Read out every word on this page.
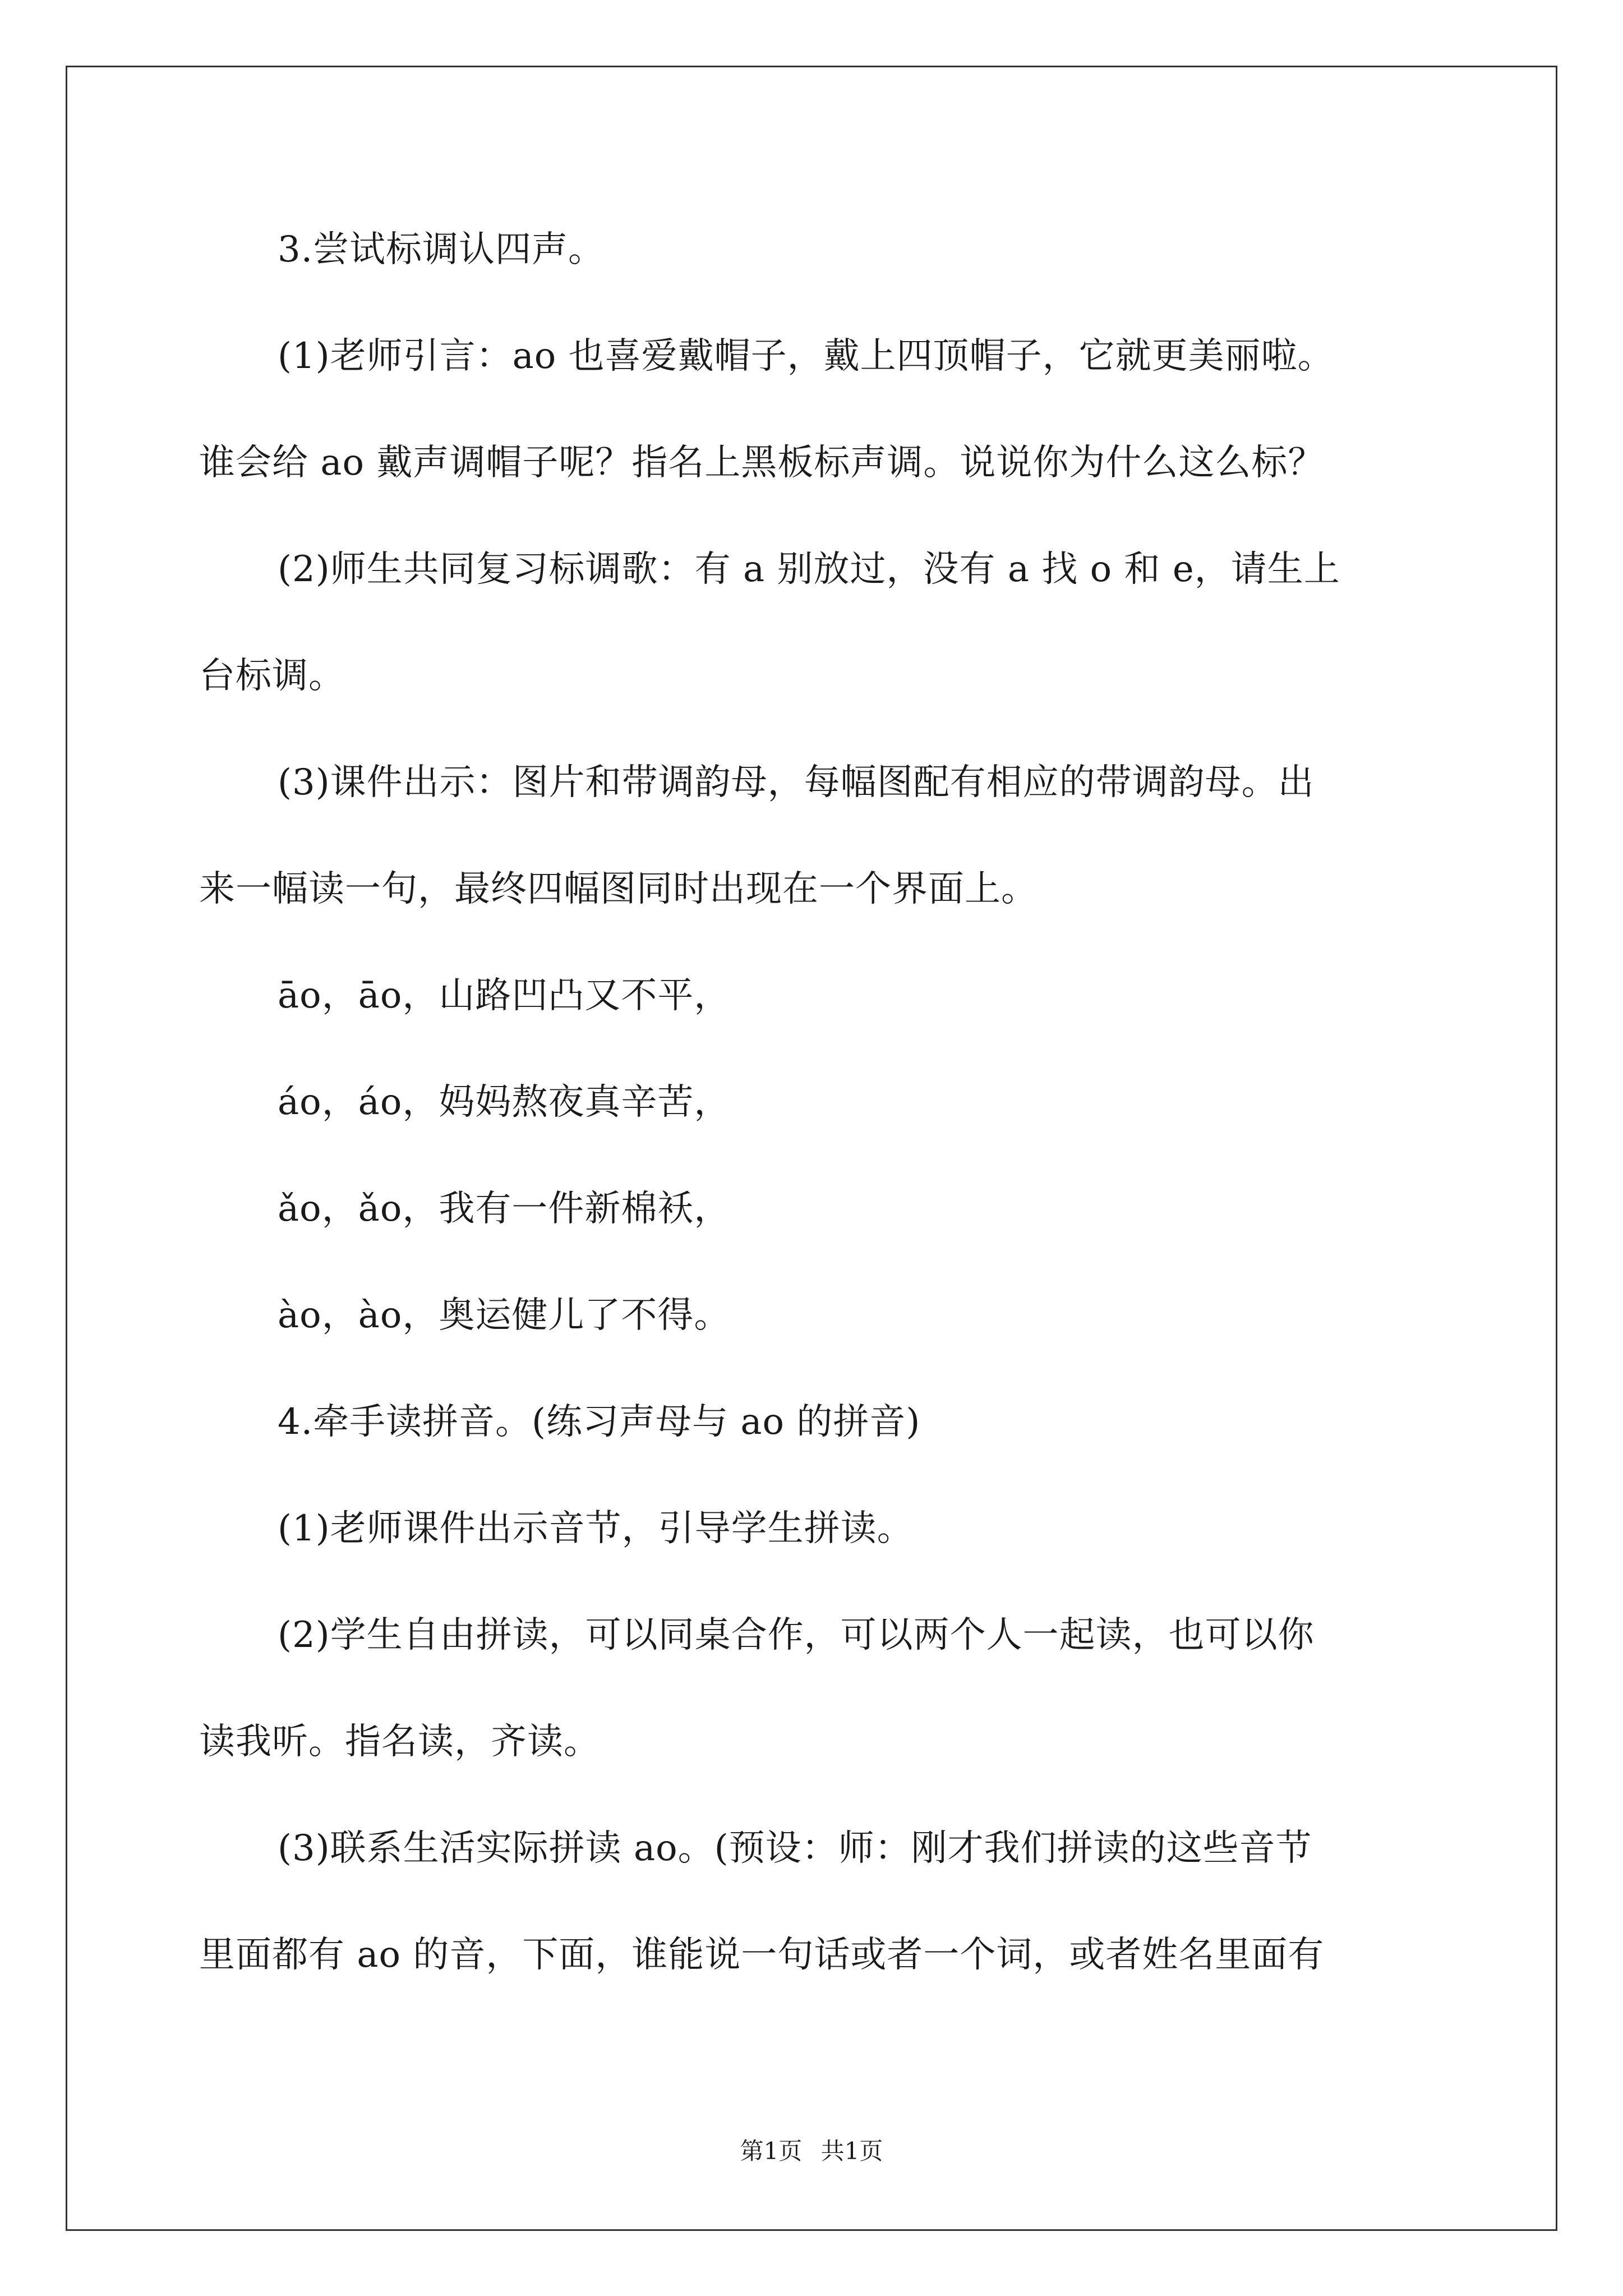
3.尝试标调认四声。
(1)老师引言：ao 也喜爱戴帽子，戴上四顶帽子，它就更美丽啦。
谁会给 ao 戴声调帽子呢？指名上黑板标声调。说说你为什么这么标？
(2)师生共同复习标调歌：有 a 别放过，没有 a 找 o 和 e，请生上
台标调。
(3)课件出示：图片和带调韵母，每幅图配有相应的带调韵母。出
来一幅读一句，最终四幅图同时出现在一个界面上。
āo，āo，山路凹凸又不平，
áo，áo，妈妈熬夜真辛苦，
ǎo，ǎo，我有一件新棉袄，
ào，ào，奥运健儿了不得。
4.牵手读拼音。(练习声母与 ao 的拼音)
(1)老师课件出示音节，引导学生拼读。
(2)学生自由拼读，可以同桌合作，可以两个人一起读，也可以你
读我听。指名读，齐读。
(3)联系生活实际拼读 ao。(预设：师：刚才我们拼读的这些音节
里面都有 ao 的音，下面，谁能说一句话或者一个词，或者姓名里面有
第1页 共1页
